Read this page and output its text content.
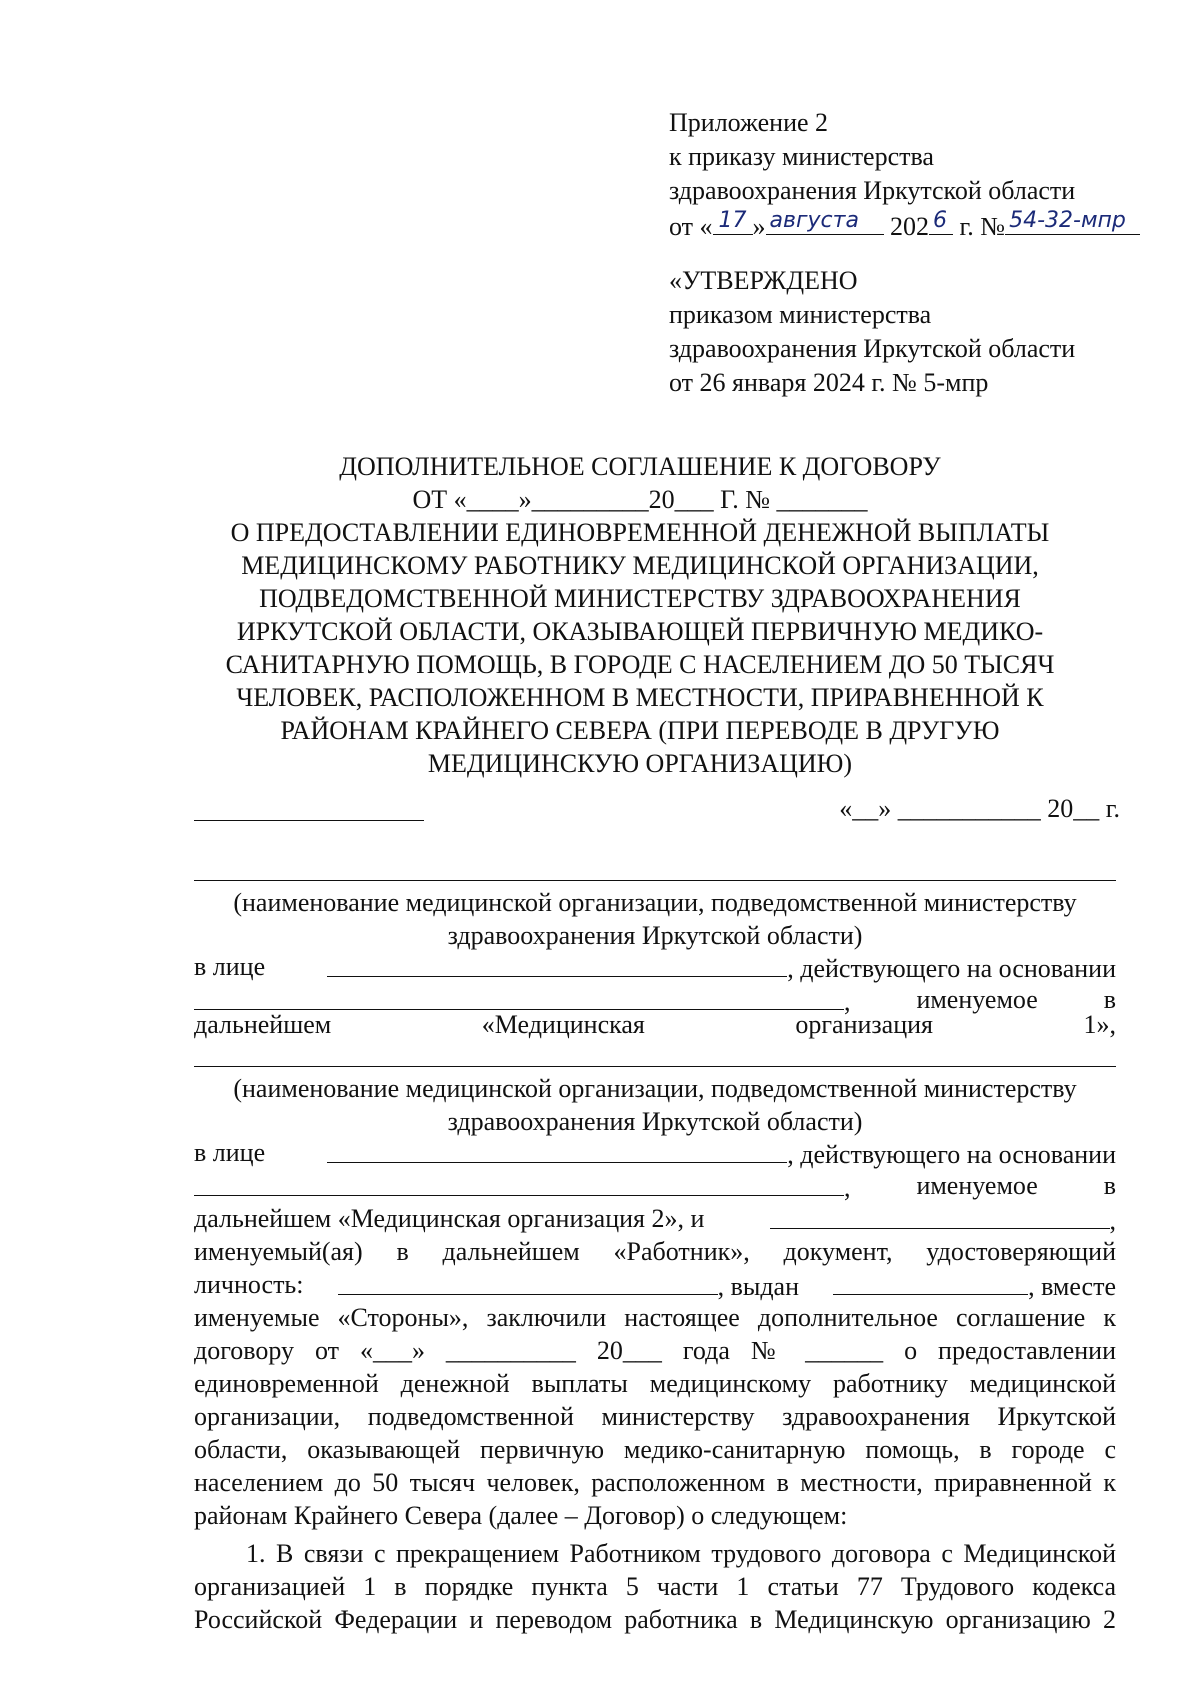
Приложение 2
к приказу министерства
здравоохранения Иркутской области
от « 17 » августа 202 6 г. № 54-32-мпр
«УТВЕРЖДЕНО
приказом министерства
здравоохранения Иркутской области
от 26 января 2024 г. № 5-мпр
ДОПОЛНИТЕЛЬНОЕ СОГЛАШЕНИЕ К ДОГОВОРУ
ОТ «____»_________20___ Г. № _______
О ПРЕДОСТАВЛЕНИИ ЕДИНОВРЕМЕННОЙ ДЕНЕЖНОЙ ВЫПЛАТЫ
МЕДИЦИНСКОМУ РАБОТНИКУ МЕДИЦИНСКОЙ ОРГАНИЗАЦИИ,
ПОДВЕДОМСТВЕННОЙ МИНИСТЕРСТВУ ЗДРАВООХРАНЕНИЯ
ИРКУТСКОЙ ОБЛАСТИ, ОКАЗЫВАЮЩЕЙ ПЕРВИЧНУЮ МЕДИКО-
САНИТАРНУЮ ПОМОЩЬ, В ГОРОДЕ С НАСЕЛЕНИЕМ ДО 50 ТЫСЯЧ
ЧЕЛОВЕК, РАСПОЛОЖЕННОМ В МЕСТНОСТИ, ПРИРАВНЕННОЙ К
РАЙОНАМ КРАЙНЕГО СЕВЕРА (ПРИ ПЕРЕВОДЕ В ДРУГУЮ
МЕДИЦИНСКУЮ ОРГАНИЗАЦИЮ)
«__» ___________ 20__ г.
(наименование медицинской организации, подведомственной министерству
здравоохранения Иркутской области)
в лице	, действующего на основании
,	именуемое	в
дальнейшем	«Медицинская	организация	1»,
(наименование медицинской организации, подведомственной министерству
здравоохранения Иркутской области)
в лице	, действующего на основании
,	именуемое	в
дальнейшем «Медицинская организация 2», и	,
именуемый(ая) в дальнейшем «Работник», документ, удостоверяющий
личность:	, выдан	, вместе
именуемые «Стороны», заключили настоящее дополнительное соглашение к
договору от «___» __________ 20___ года № ______ о предоставлении
единовременной денежной выплаты медицинскому работнику медицинской
организации, подведомственной министерству здравоохранения Иркутской
области, оказывающей первичную медико-санитарную помощь, в городе с
населением до 50 тысяч человек, расположенном в местности, приравненной к
районам Крайнего Севера (далее – Договор) о следующем:
1. В связи с прекращением Работником трудового договора с Медицинской
организацией 1 в порядке пункта 5 части 1 статьи 77 Трудового кодекса
Российской Федерации и переводом работника в Медицинскую организацию 2
